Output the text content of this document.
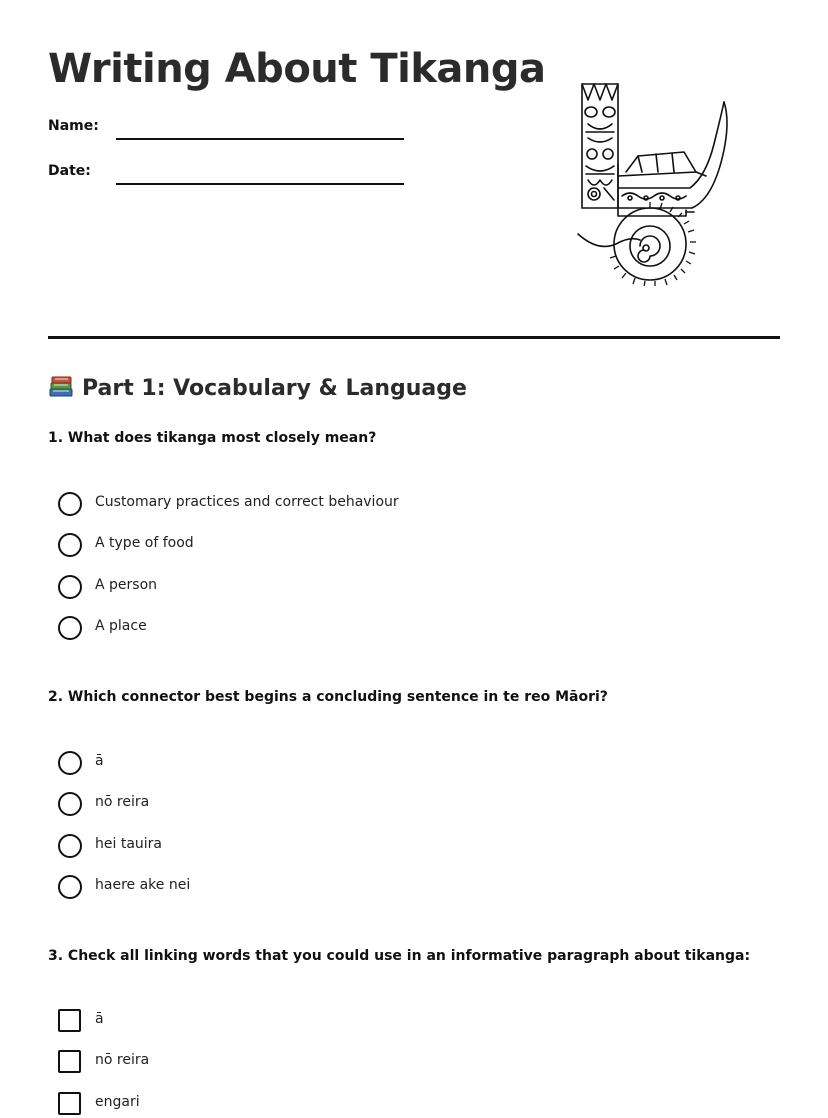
Writing About Tikanga
Name:
Date:
Part 1: Vocabulary & Language
1. What does tikanga most closely mean?
Customary practices and correct behaviour
A type of food
A person
A place
2. Which connector best begins a concluding sentence in te reo Māori?
ā
nō reira
hei tauira
haere ake nei
3. Check all linking words that you could use in an informative paragraph about tikanga:
ā
nō reira
engari
